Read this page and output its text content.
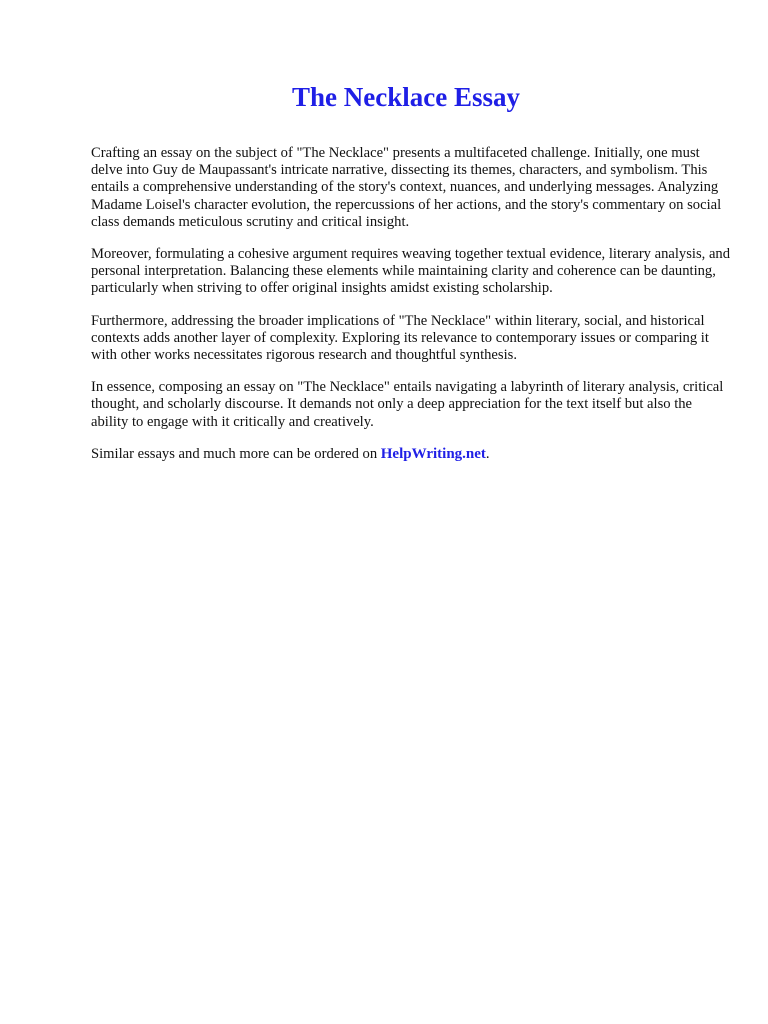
The Necklace Essay

Crafting an essay on the subject of "The Necklace" presents a multifaceted challenge. Initially, one must delve into Guy de Maupassant's intricate narrative, dissecting its themes, characters, and symbolism. This entails a comprehensive understanding of the story's context, nuances, and underlying messages. Analyzing Madame Loisel's character evolution, the repercussions of her actions, and the story's commentary on social class demands meticulous scrutiny and critical insight.

Moreover, formulating a cohesive argument requires weaving together textual evidence, literary analysis, and personal interpretation. Balancing these elements while maintaining clarity and coherence can be daunting, particularly when striving to offer original insights amidst existing scholarship.

Furthermore, addressing the broader implications of "The Necklace" within literary, social, and historical contexts adds another layer of complexity. Exploring its relevance to contemporary issues or comparing it with other works necessitates rigorous research and thoughtful synthesis.

In essence, composing an essay on "The Necklace" entails navigating a labyrinth of literary analysis, critical thought, and scholarly discourse. It demands not only a deep appreciation for the text itself but also the ability to engage with it critically and creatively.

Similar essays and much more can be ordered on HelpWriting.net.
